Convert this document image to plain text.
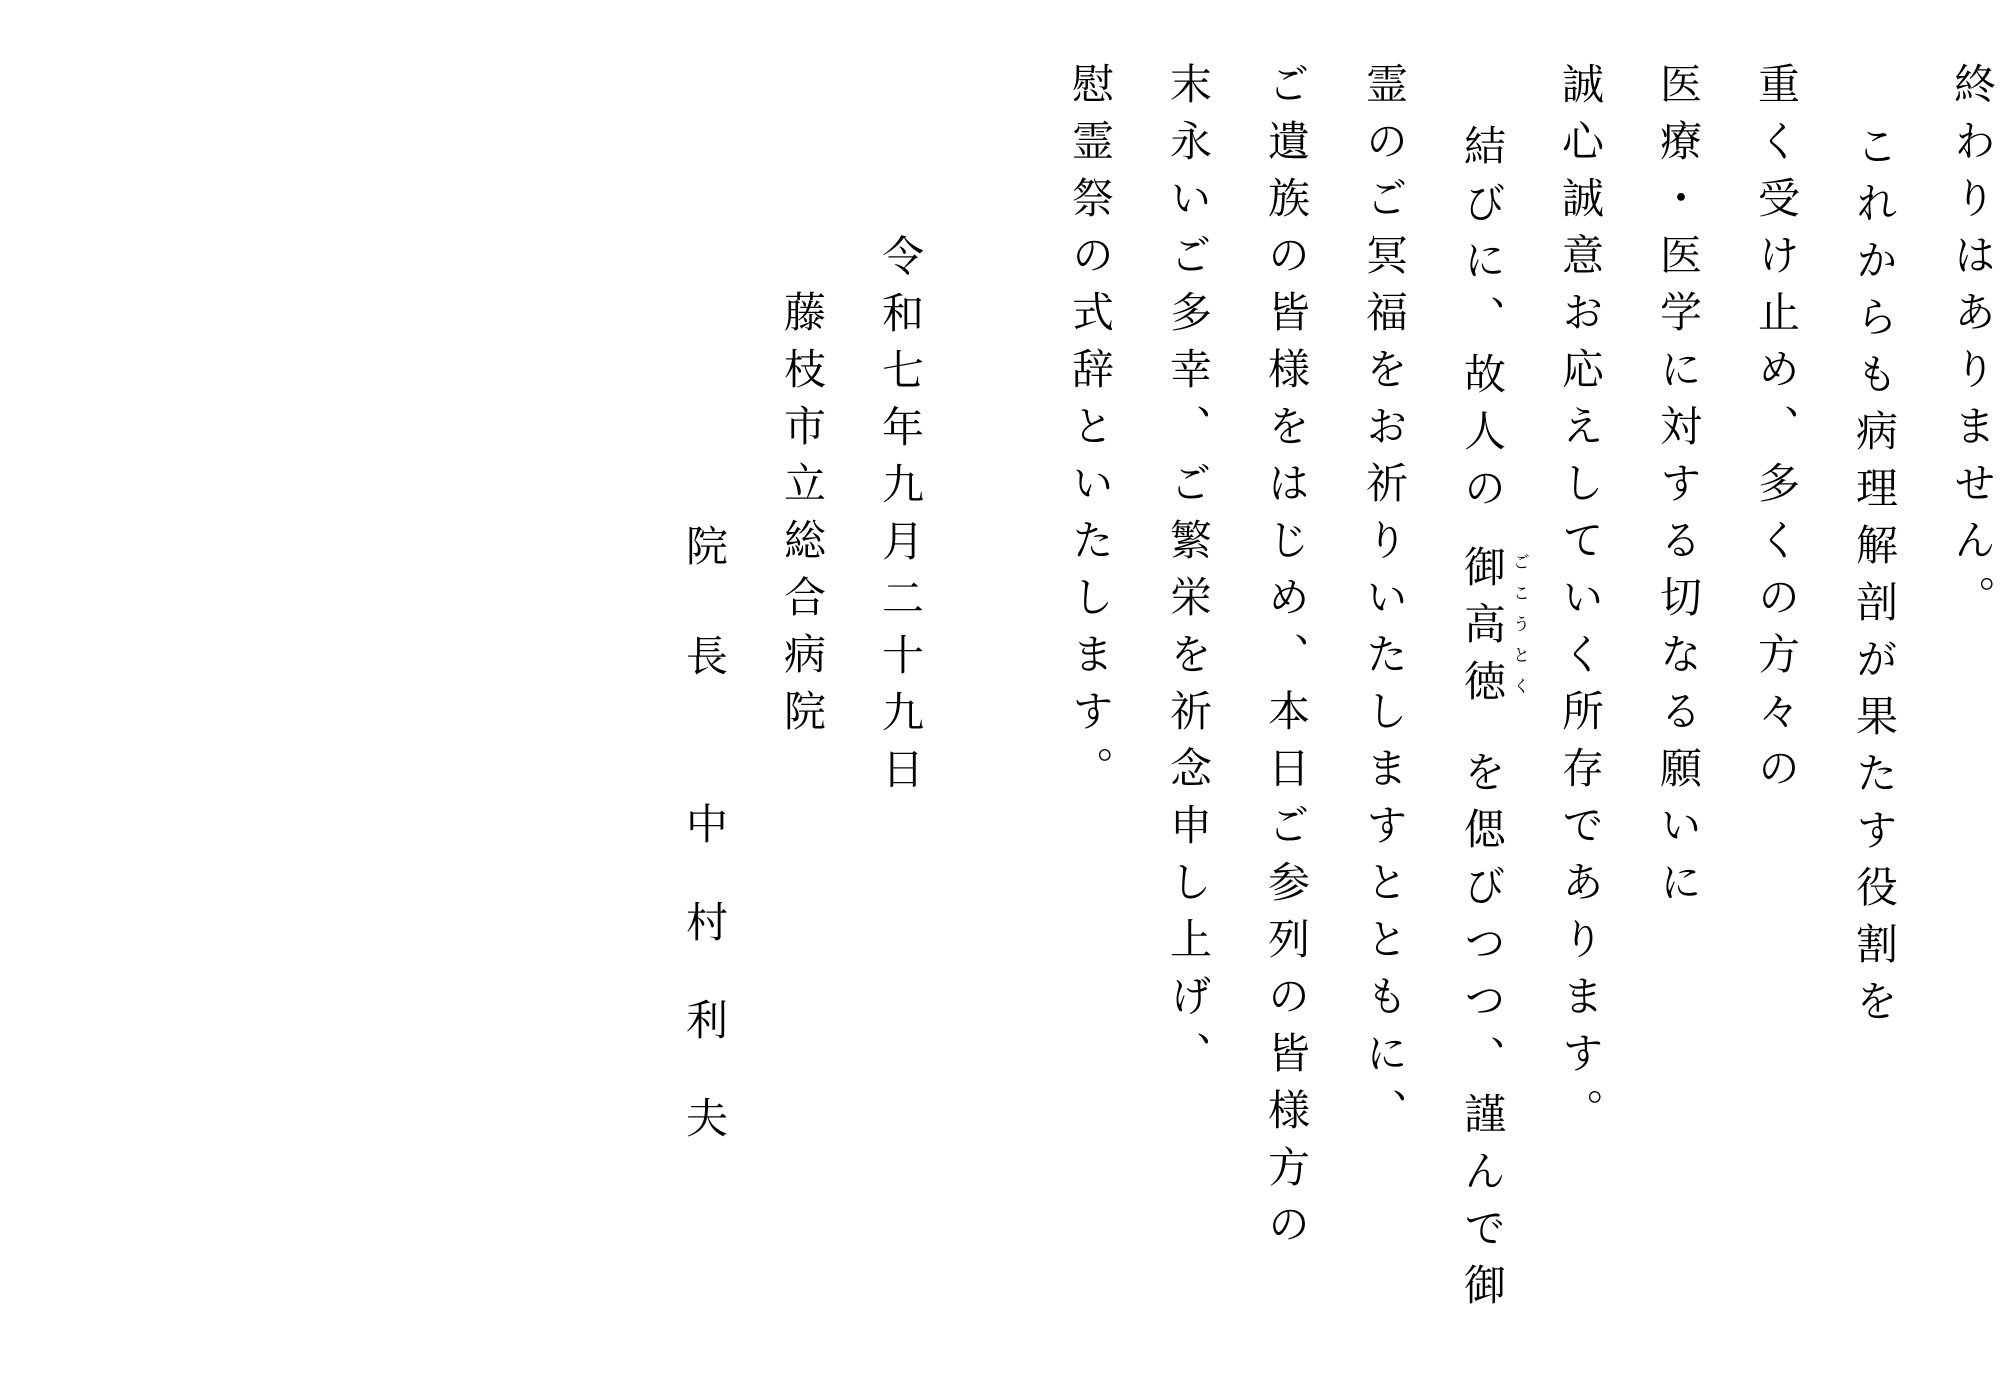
終わりはありません。
これからも病理解剖が果たす役割を
重く受け止め、多くの方々の
医療・医学に対する切なる願いに
誠心誠意お応えしていく所存であります。
結びに、故人の御高徳 ごこうとく
を偲びつつ、謹んで御
霊のご冥福をお祈りいたしますとともに、
ご遺族の皆様をはじめ、本日ご参列の皆様方の
末永いご多幸、ご繁栄を祈念申し上げ、
慰霊祭の式辞といたします。
令和七年九月二十九日
藤枝市立総合病院
院長中村利夫
